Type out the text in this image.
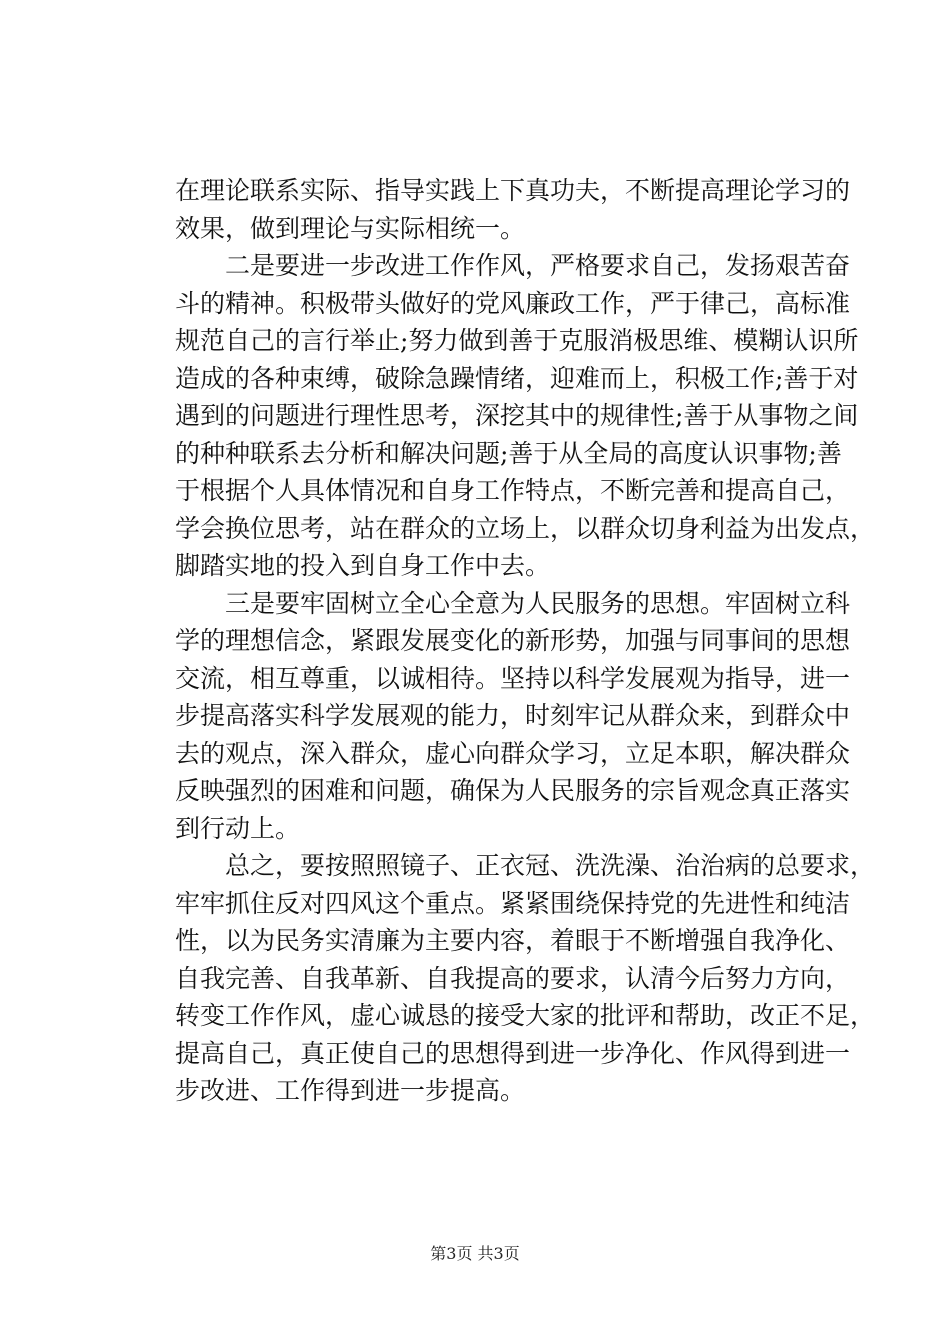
在理论联系实际、指导实践上下真功夫，不断提高理论学习的
效果，做到理论与实际相统一。
二是要进一步改进工作作风，严格要求自己，发扬艰苦奋
斗的精神。积极带头做好的党风廉政工作，严于律己，高标准
规范自己的言行举止;努力做到善于克服消极思维、模糊认识所
造成的各种束缚，破除急躁情绪，迎难而上，积极工作;善于对
遇到的问题进行理性思考，深挖其中的规律性;善于从事物之间
的种种联系去分析和解决问题;善于从全局的高度认识事物;善
于根据个人具体情况和自身工作特点，不断完善和提高自己，
学会换位思考，站在群众的立场上，以群众切身利益为出发点，
脚踏实地的投入到自身工作中去。
三是要牢固树立全心全意为人民服务的思想。牢固树立科
学的理想信念，紧跟发展变化的新形势，加强与同事间的思想
交流，相互尊重，以诚相待。坚持以科学发展观为指导，进一
步提高落实科学发展观的能力，时刻牢记从群众来，到群众中
去的观点，深入群众，虚心向群众学习，立足本职，解决群众
反映强烈的困难和问题，确保为人民服务的宗旨观念真正落实
到行动上。
总之，要按照照镜子、正衣冠、洗洗澡、治治病的总要求，
牢牢抓住反对四风这个重点。紧紧围绕保持党的先进性和纯洁
性，以为民务实清廉为主要内容，着眼于不断增强自我净化、
自我完善、自我革新、自我提高的要求，认清今后努力方向，
转变工作作风，虚心诚恳的接受大家的批评和帮助，改正不足，
提高自己，真正使自己的思想得到进一步净化、作风得到进一
步改进、工作得到进一步提高。
第3页 共3页
